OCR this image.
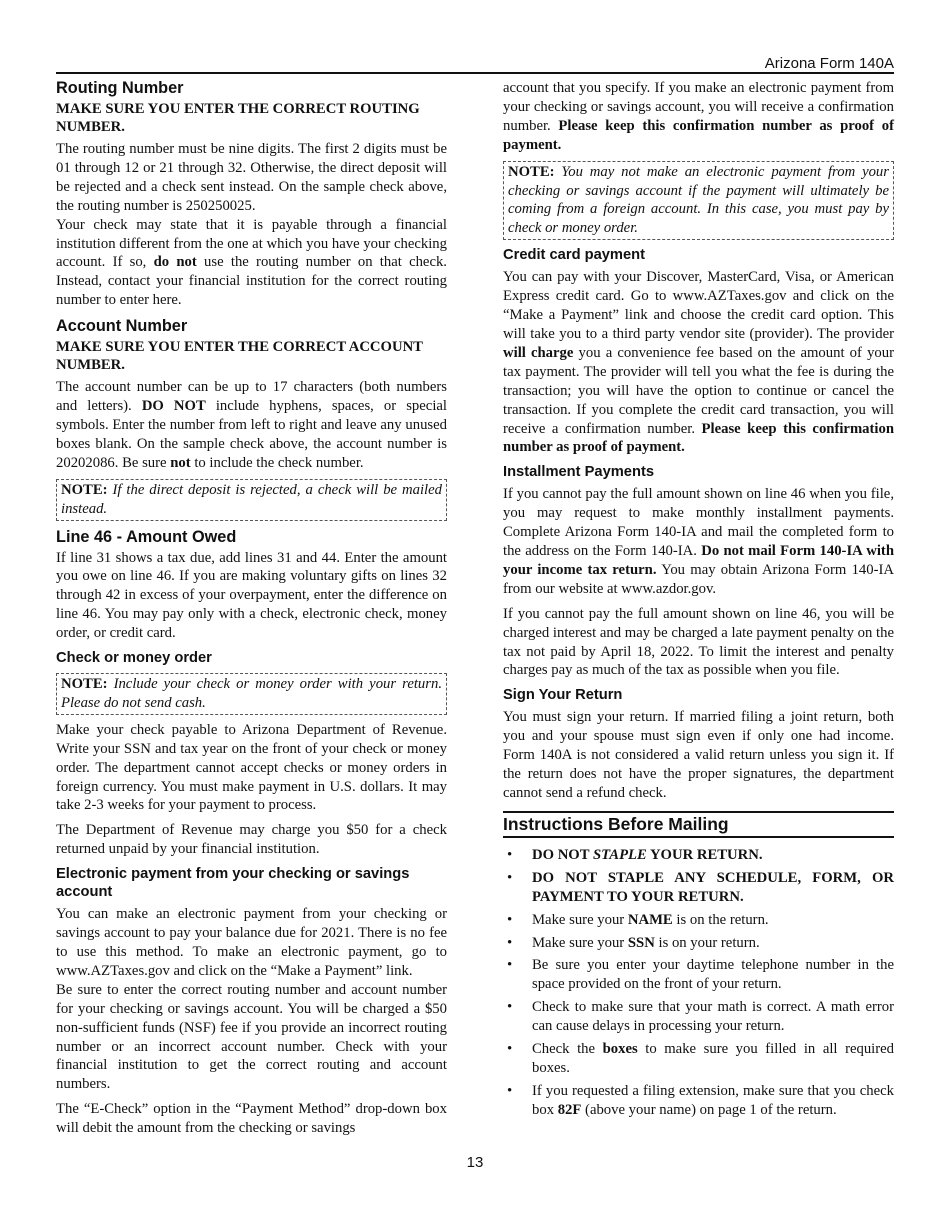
Arizona Form 140A
Routing Number
MAKE SURE YOU ENTER THE CORRECT ROUTING NUMBER.

The routing number must be nine digits. The first 2 digits must be 01 through 12 or 21 through 32. Otherwise, the direct deposit will be rejected and a check sent instead. On the sample check above, the routing number is 250250025.

Your check may state that it is payable through a financial institution different from the one at which you have your checking account. If so, do not use the routing number on that check. Instead, contact your financial institution for the correct routing number to enter here.

Account Number
MAKE SURE YOU ENTER THE CORRECT ACCOUNT NUMBER.

The account number can be up to 17 characters (both numbers and letters). DO NOT include hyphens, spaces, or special symbols. Enter the number from left to right and leave any unused boxes blank. On the sample check above, the account number is 20202086. Be sure not to include the check number.

NOTE: If the direct deposit is rejected, a check will be mailed instead.
Line 46 - Amount Owed

If line 31 shows a tax due, add lines 31 and 44. Enter the amount you owe on line 46. If you are making voluntary gifts on lines 32 through 42 in excess of your overpayment, enter the difference on line 46. You may pay only with a check, electronic check, money order, or credit card.

Check or money order
NOTE: Include your check or money order with your return. Please do not send cash.

Make your check payable to Arizona Department of Revenue. Write your SSN and tax year on the front of your check or money order. The department cannot accept checks or money orders in foreign currency. You must make payment in U.S. dollars. It may take 2-3 weeks for your payment to process.

The Department of Revenue may charge you $50 for a check returned unpaid by your financial institution.

Electronic payment from your checking or savings account

You can make an electronic payment from your checking or savings account to pay your balance due for 2021. There is no fee to use this method. To make an electronic payment, go to www.AZTaxes.gov and click on the “Make a Payment” link.

Be sure to enter the correct routing number and account number for your checking or savings account. You will be charged a $50 non-sufficient funds (NSF) fee if you provide an incorrect routing number or an incorrect account number. Check with your financial institution to get the correct routing and account numbers.

The “E-Check” option in the “Payment Method” drop-down box will debit the amount from the checking or savings

account that you specify. If you make an electronic payment from your checking or savings account, you will receive a confirmation number. Please keep this confirmation number as proof of payment.

NOTE: You may not make an electronic payment from your checking or savings account if the payment will ultimately be coming from a foreign account. In this case, you must pay by check or money order.
Credit card payment

You can pay with your Discover, MasterCard, Visa, or American Express credit card. Go to www.AZTaxes.gov and click on the “Make a Payment” link and choose the credit card option. This will take you to a third party vendor site (provider). The provider will charge you a convenience fee based on the amount of your tax payment. The provider will tell you what the fee is during the transaction; you will have the option to continue or cancel the transaction. If you complete the credit card transaction, you will receive a confirmation number. Please keep this confirmation number as proof of payment.

Installment Payments

If you cannot pay the full amount shown on line 46 when you file, you may request to make monthly installment payments. Complete Arizona Form 140-IA and mail the completed form to the address on the Form 140-IA. Do not mail Form 140-IA with your income tax return. You may obtain Arizona Form 140-IA from our website at www.azdor.gov.

If you cannot pay the full amount shown on line 46, you will be charged interest and may be charged a late payment penalty on the tax not paid by April 18, 2022. To limit the interest and penalty charges pay as much of the tax as possible when you file.

Sign Your Return

You must sign your return. If married filing a joint return, both you and your spouse must sign even if only one had income. Form 140A is not considered a valid return unless you sign it. If the return does not have the proper signatures, the department cannot send a refund check.

Instructions Before Mailing
• DO NOT STAPLE YOUR RETURN.
• DO NOT STAPLE ANY SCHEDULE, FORM, OR PAYMENT TO YOUR RETURN.
• Make sure your NAME is on the return.
• Make sure your SSN is on your return.
• Be sure you enter your daytime telephone number in the space provided on the front of your return.
• Check to make sure that your math is correct. A math error can cause delays in processing your return.
• Check the boxes to make sure you filled in all required boxes.
• If you requested a filing extension, make sure that you check box 82F (above your name) on page 1 of the return.
13
